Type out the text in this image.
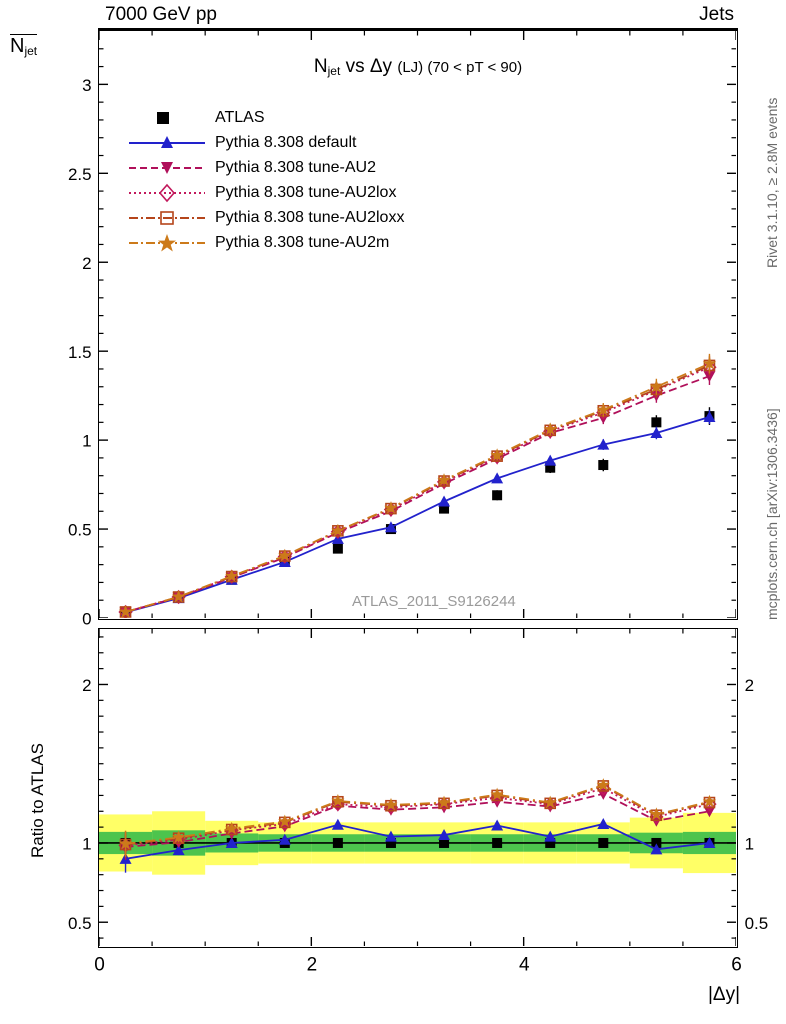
7000 GeV pp	Jets
Rivet 3.1.10, ≥ 2.8M events
mcplots.cern.ch [arXiv:1306.3436]
$N_{jet}$
$N_{jet}$ vs Δy (LJ) (70 < pT < 90)
ATLAS
Pythia 8.308 default
Pythia 8.308 tune-AU2
Pythia 8.308 tune-AU2lox
Pythia 8.308 tune-AU2loxx
Pythia 8.308 tune-AU2m
ATLAS_2011_S9126244
Ratio to ATLAS
|Δy|
0
0.5
1
1.5
2
2.5
3
0.5	0.5
1	1
2	2
0	2	4	6
